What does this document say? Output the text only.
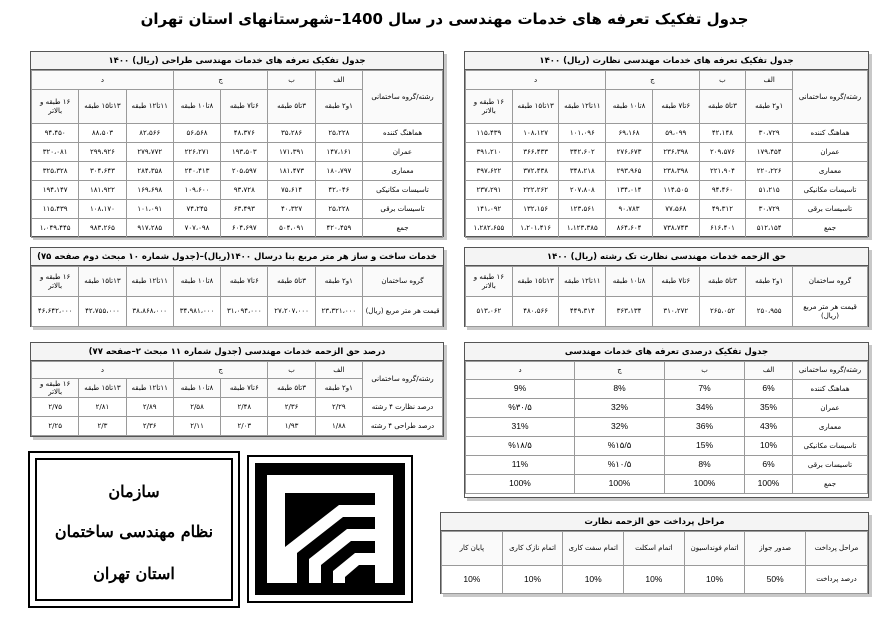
جدول تفکیک تعرفه های خدمات مهندسی در سال 1400–شهرستانهای استان تهران
جدول تفکیک تعرفه های خدمات مهندسی نظارت (ریال) ۱۴۰۰
رشته/گروه ساختمانی	الف	ب	ج		د		
	۱و۲ طبقه	۳تا۵ طبقه	۶تا۷ طبقه	۸تا۱۰ طبقه	۱۱تا۱۲ طبقه	۱۳تا۱۵ طبقه	۱۶ طبقه و بالاتر
هماهنگ کننده	۳۰،۷۲۹	۴۲،۱۴۸	۵۹،۰۹۹	۶۹،۱۶۸	۱۰۱،۰۹۶	۱۰۸،۱۲۷	۱۱۵،۴۳۹
عمران	۱۷۹،۴۵۴	۲۰۹،۵۷۶	۲۳۶،۳۹۸	۲۷۶،۶۷۳	۳۴۲،۶۰۲	۳۶۶،۴۳۳	۳۹۱،۲۱۰
معماری	۲۲۰،۲۲۶	۲۲۱،۹۰۴	۲۳۸،۳۹۸	۲۹۳،۹۶۵	۳۴۸،۲۱۸	۳۷۲،۴۳۸	۳۹۷،۶۲۲
تاسیسات مکانیکی	۵۱،۲۱۵	۹۴،۴۶۰	۱۱۴،۵۰۵	۱۳۴،۰۱۴	۲۰۷،۸۰۸	۲۲۲،۲۶۲	۲۳۷،۲۹۱
تاسیسات برقی	۳۰،۷۲۹	۴۹،۳۱۲	۷۷،۵۶۸	۹۰،۷۸۳	۱۲۳،۵۶۱	۱۳۲،۱۵۶	۱۴۱،۰۹۲
جمع	۵۱۲،۱۵۴	۶۱۶،۴۰۱	۷۳۸،۷۴۳	۸۶۴،۶۰۴	۱،۱۲۳،۳۸۵	۱،۲۰۱،۴۱۶	۱،۲۸۲،۶۵۵
جدول تفکیک تعرفه های خدمات مهندسی طراحی (ریال) ۱۴۰۰
رشته/گروه ساختمانی	الف	ب	ج		د		
	۱و۲ طبقه	۳تا۵ طبقه	۶تا۷ طبقه	۸تا۱۰ طبقه	۱۱تا۱۲ طبقه	۱۳تا۱۵ طبقه	۱۶ طبقه و بالاتر
هماهنگ کننده	۲۵،۲۲۸	۳۵،۲۸۶	۴۸،۳۷۶	۵۶،۵۶۸	۸۲،۵۶۶	۸۸،۵۰۳	۹۴،۴۵۰
عمران	۱۴۷،۱۶۱	۱۷۱،۳۹۱	۱۹۳،۵۰۳	۲۲۶،۲۷۱	۲۷۹،۷۷۲	۲۹۹،۹۲۶	۳۲۰،۰۸۱
معماری	۱۸۰،۷۹۷	۱۸۱،۴۷۳	۲۰۵،۵۹۷	۲۴۰،۴۱۳	۲۸۴،۳۵۸	۳۰۴،۶۴۳	۳۲۵،۳۲۸
تاسیسات مکانیکی	۴۲،۰۴۶	۷۵،۶۱۴	۹۳،۷۲۸	۱۰۹،۶۰۰	۱۶۹،۶۹۸	۱۸۱،۹۲۲	۱۹۴،۱۴۷
تاسیسات برقی	۲۵،۲۲۸	۴۰،۳۲۷	۶۳،۴۹۳	۷۴،۲۴۵	۱۰۱،۰۹۱	۱۰۸،۱۷۰	۱۱۵،۴۳۹
جمع	۴۲۰،۴۵۹	۵۰۴،۰۹۱	۶۰۴،۶۹۷	۷۰۷،۰۹۸	۹۱۷،۲۸۵	۹۸۳،۲۶۵	۱،۰۴۹،۴۴۵
حق الزحمه خدمات مهندسی نظارت تک رشته (ریال) ۱۴۰۰
گروه ساختمان	۱و۲ طبقه	۳تا۵ طبقه	۶تا۷ طبقه	۸تا۱۰ طبقه	۱۱تا۱۲ طبقه	۱۳تا۱۵ طبقه	۱۶ طبقه و بالاتر
قیمت هر متر مربع (ریال)	۲۵۰،۹۵۵	۲۶۵،۰۵۲	۳۱۰،۲۷۲	۳۶۳،۱۳۴	۴۴۹،۳۱۴	۴۸۰،۵۶۶	۵۱۳،۰۶۲
خدمات ساخت و ساز هر متر مربع بنا درسال ۱۴۰۰(ریال)–(جدول شماره ۱۰ مبحث دوم صفحه ۷۵)
گروه ساختمان	۱و۲ طبقه	۳تا۵ طبقه	۶تا۷ طبقه	۸تا۱۰ طبقه	۱۱تا۱۲ طبقه	۱۳تا۱۵ طبقه	۱۶ طبقه و بالاتر
قیمت هر متر مربع (ریال)	۲۳،۳۲۱،۰۰۰	۲۷،۲۰۷،۰۰۰	۳۱،۰۹۴،۰۰۰	۳۴،۹۸۱،۰۰۰	۳۸،۸۶۸،۰۰۰	۴۲،۷۵۵،۰۰۰	۴۶،۶۴۲،۰۰۰
جدول تفکیک درصدی تعرفه های خدمات مهندسی
رشته/گروه ساختمانی	الف	ب	ج	د
هماهنگ کننده	6%	7%	8%	9%
عمران	35%	34%	32%	%۳۰/۵
معماری	43%	36%	32%	31%
تاسیسات مکانیکی	10%	15%	%۱۵/۵	%۱۸/۵
تاسیسات برقی	6%	8%	%۱۰/۵	11%
جمع	100%	100%	100%	100%
درصد حق الزحمه خدمات مهندسی (جدول شماره ۱۱ مبحث ۲–صفحه ۷۷)
رشته/گروه ساختمانی	الف	ب	ج		د		
	۱و۲ طبقه	۳تا۵ طبقه	۶تا۷ طبقه	۸تا۱۰ طبقه	۱۱تا۱۲ طبقه	۱۳تا۱۵ طبقه	۱۶ طبقه و بالاتر
درصد نظارت ۴ رشته	۲/۲۹	۲/۳۶	۲/۴۸	۲/۵۸	۲/۸۹	۲/۸۱	۲/۷۵
درصد طراحی ۴ رشته	۱/۸۸	۱/۹۳	۲/۰۳	۲/۱۱	۲/۳۶	۲/۳	۲/۲۵
سازمان
نظام مهندسی ساختمان
استان تهران
مراحل پرداخت حق الزحمه نظارت
مراحل پرداخت	صدور جواز	اتمام فونداسیون	اتمام اسکلت	اتمام سفت کاری	اتمام نازک کاری	پایان کار
درصد پرداخت	50%	10%	10%	10%	10%	10%
